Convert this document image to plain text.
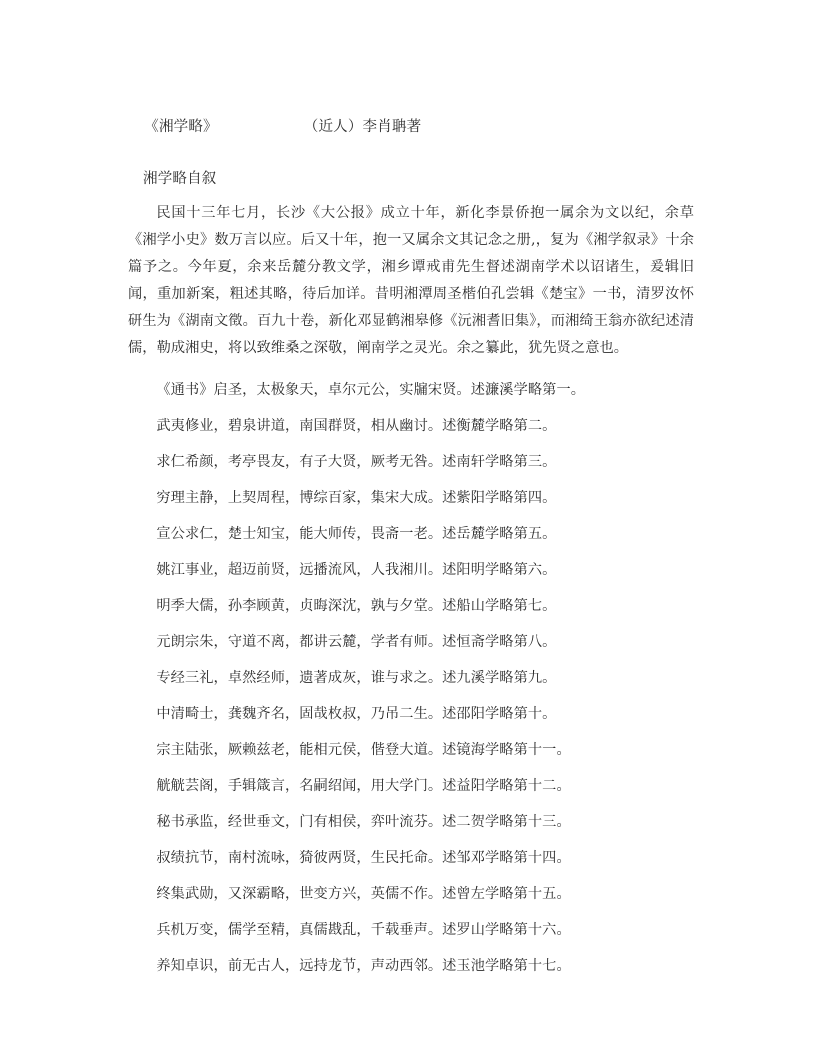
《湘学略》	（近人）李肖聃著

湘学略自叙

民国十三年七月，长沙《大公报》成立十年，新化李景侨抱一属余为文以纪，余草《湘学小史》数万言以应。后又十年，抱一又属余文其记念之册,，复为《湘学叙录》十余篇予之。今年夏，余来岳麓分教文学，湘乡谭戒甫先生督述湖南学术以诏诸生，爰辑旧闻，重加新案，粗述其略，待后加详。昔明湘潭周圣楷伯孔尝辑《楚宝》一书，清罗汝怀研生为《湖南文徵。百九十卷，新化邓显鹤湘皋修《沅湘耆旧集》，而湘绮王翁亦欲纪述清儒，勒成湘史，将以致维桑之深敬，阐南学之灵光。余之纂此，犹先贤之意也。

《通书》启圣，太极象天，卓尔元公，实牖宋贤。述濂溪学略第一。

武夷修业，碧泉讲道，南国群贤，相从幽讨。述衡麓学略第二。

求仁希颜，考亭畏友，有子大贤，厥考无咎。述南轩学略第三。

穷理主静，上契周程，博综百家，集宋大成。述紫阳学略第四。

宣公求仁，楚士知宝，能大师传，畏斋一老。述岳麓学略第五。

姚江事业，超迈前贤，远播流风，人我湘川。述阳明学略第六。

明季大儒，孙李顾黄，贞晦深沈，孰与夕堂。述船山学略第七。

元朗宗朱，守道不离，都讲云麓，学者有师。述恒斋学略第八。

专经三礼，卓然经师，遗著成灰，谁与求之。述九溪学略第九。

中清畸士，龚魏齐名，固哉枚叔，乃吊二生。述邵阳学略第十。

宗主陆张，厥赖兹老，能相元侯，偕登大道。述镜海学略第十一。

觥觥芸阁，手辑箴言，名嗣绍闻，用大学门。述益阳学略第十二。

秘书承监，经世垂文，门有相侯，弈叶流芬。述二贺学略第十三。

叔绩抗节，南村流咏，猗彼两贤，生民托命。述邹邓学略第十四。

终集武勋，又深霸略，世变方兴，英儒不作。述曾左学略第十五。

兵机万变，儒学至精，真儒戡乱，千载垂声。述罗山学略第十六。

养知卓识，前无古人，远持龙节，声动西邻。述玉池学略第十七。
